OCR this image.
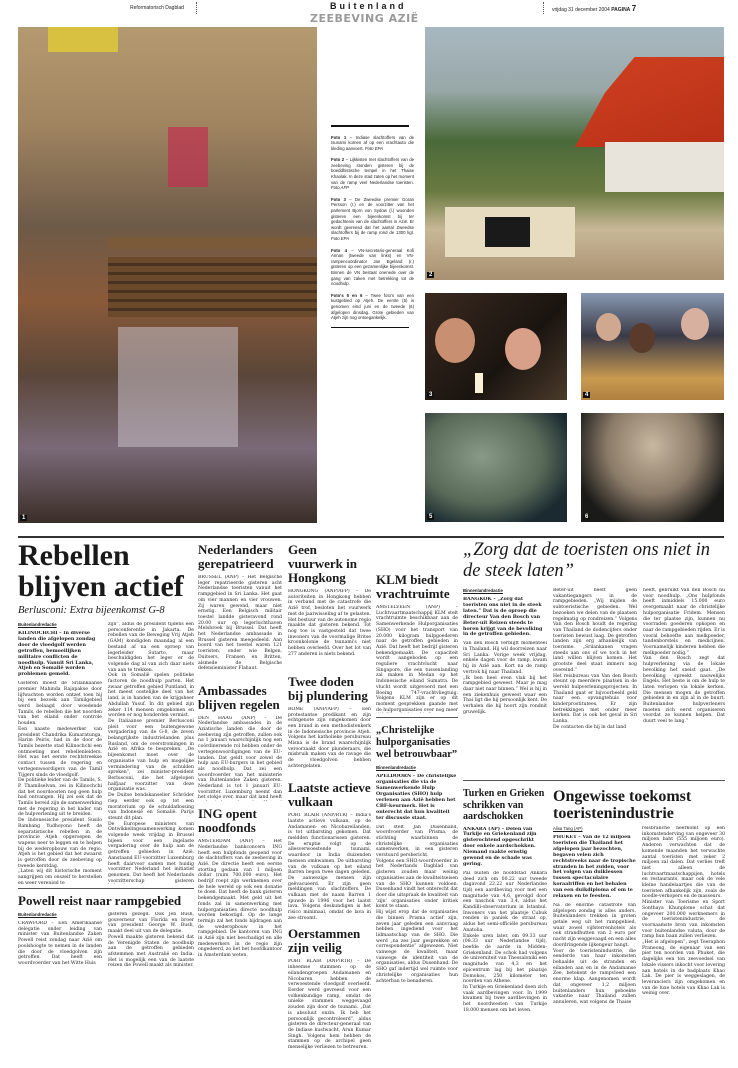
Reformatorisch Dagblad	Buitenland	vrijdag 31 december 2004 PAGINA 7
ZEEBEVING AZIË
1
2
3	4
5	6

Foto 1 – Indiase slachtoffers van de tsunami komen af op een vrachtauto die kleding aanvoert. Foto EPA

Foto 2 – Lijkkisten met slachtoffers van de zeebeving stonden gisteren bij de boeddhistische tempel in het Thaise Khaolak. In deze stad zaten op het moment van de ramp veel Nederlandse toeristen. Foto AFP

Foto 3 – De Zweedse premier Goran Persson (r.) en de voorzitter van het parlement Bjorn von Sydow (l.) woonden gisteren een bijeenkomst bij ter gedachtenis van de slachtoffers in Azië. Er wordt gevreesd dat het aantal Zweedse slachtoffers bij de ramp rond de 1300 ligt. Foto EPA

Foto 4 – VN-secretaris-generaal Kofi Annan (tweede van links) en VN-rampencoördinator Jan Egeland (r.) gisteren op een gezamenlijke bijeenkomst. Binnen de VN bestaat onenede over de gang van zaken met betrekking tot de noodhulp.

Foto's 5 en 6 – Twee foto's van een kustgebied op Atjeh. De eerste (5) is genomen eind juni en de tweede (6) afgelopen dinsdag. Grote gebieden van Atjeh zijn nog ontoegankelijk.

Rebellen blijven actief
Berlusconi: Extra bijeenkomst G-8
Buitenlandredactie
KILINOCHCHI – In diverse landen die afgelopen zondag door de vloedgolf werden getroffen, bemoeilijken militaire conflicten de noodhulp. Vanuit Sri Lanka, Atjeh en Somalië worden problemen gemeld.
Gisteren moest de Srilankaanse premier Mahinda Rajapakse door lijfwachten worden ontzet toen hij bij een bezoek aan Tamilgebied werd belaagd door woedende Tamils, de rebellen die het noorden van het eiland onder controle houden.
Een naaste medewerker van president Chandrika Kumaratunga, Harim Peiris, had in de door de Tamils bezette stad Kilinochchi een ontmoeting met rebellenleiders. Het was het eerste rechtstreekse contact tussen de regering en vertegenwoordigers van de Tamil Tijgers sinds de vloedgolf.
De politieke leider van de Tamils, S. P. Thamilselvan, zei in Kilinochchi dat het noordoosten nog geen hulp had ontvangen. Hij zei ook dat de Tamils bereid zijn de samenwerking met de regering in het kader van de hulpverlening uit te breiden.
De Indonesische president Susilo Bambang Yudhoyono heeft de separatistische rebellen in de provincie Atjeh opgeroepen de wapens neer te leggen en te helpen bij de wederopbouw van de regio. Atjeh is het gebied dat het zwaarst is getroffen door de zeebeving op tweede kerstdag.
„Laten wij dit historische moment aangrijpen om onszelf te herstellen en weer verenigd te
zijn”, aldus de president tijdens een persconferentie in Jakarta. De rebellen van de Beweging Vrij Atjeh (GAM) kondigden maandag al een bestand af na een oproep van legerleider Sutarto, maar beschuldigden het leger er de volgende dag al van zich daar niets van aan te trekken.
Ook in Somalië spelen politieke factoren de noodhulp parten. Het zwaar getroffen gebied Puntland, in het meest oostelijke deel van het land, is in handen van de krijgsheer Abdullah Yusuf. In dit gebied zijn zeker 114 mensen omgekomen en worden er nog honderden vermist.
De Italiaanse premier Berlusconi pleit voor een buitengewone vergadering van de G-8, de zeven belangrijkste industrielanden plus Rusland, om de overstromingen in Azië en Afrika te bespreken. „De bijeenkomst moet over de organisatie van hulp en mogelijke vermindering van de schulden spreken”, zei minister-president Berlusconi, die het afgelopen halfjaar voorzitter van deze organisatie was.
De Duitse bondskanselier Schröder riep eerder ook op tot een moratorium op de schuldaflossing van Indonesië en Somalië. Parijs steunt dit plan.
De Europese ministers van Ontwikkelingssamenwerking komen volgende week vrijdag in Brussel bijeen voor een ingelaste vergadering over de hulp aan de getroffen gebieden in Azië. Aanstaand EU-voorzitter Luxemburg heeft daarvoor samen met huidig voorzitter Nederland het initiatief genomen. Dat heeft het Nederlands voorzitterschap gisteren
Powell reist naar rampgebied
Buitenlandredactie
CRAWFORD – Een Amerikaanse delegatie onder leiding van minister van Buitenlandse Zaken Powell reist zondag naar Azië om poolshoogte te nemen in de landen die door de vloedgolven zijn getroffen. Dat heeft een woordvoerder van het Witte Huis
gisteren gezegd. Ook Jeb Bush, gouverneur van Florida en broer van president George W. Bush, maakt deel uit van de delegatie.
Powell maakte gisteren bekend dat de Verenigde Staten de noodhulp aan de getroffen gebieden afstemmen met Australië en India. Het is mogelijk een van de laatste reizen die Powell maakt als minister.
Nederlanders gerepatrieerd
BRUSSEL (ANP) – Het Belgische leger repatrieerde gisteren acht Nederlandse toeristen vanuit het rampgebied in Sri Lanka. Het gaat om vier mannen en vier vrouwen. Zij waren gewond, maar niet ernstig. Een Belgisch militair toestel landde gisteravond rond 20.00 uur op legerluchthaven Melsbroek bij Brussel. Dat heeft het Nederlandse ambassade in Brussel gisteren meegedeeld. Aan boord van het toestel waren 121 toeristen, onder wie Belgen, Duitsers, Fransen en Britten, alsmede de Belgische defensieminister Flahaut.
Ambassades blijven regelen
DEN HAAG (ANP) – De Nederlandse ambassades in de Aziatische landen die door de zeebeving zijn getroffen, zullen ook na 1 januari waarschijnlijk nog een coördinerende rol hebben onder de vertegenwoordigingen van de EU-landen. Dat geldt voor zowel de hulp aan EU-burgers in het gebied als noodhulp. Dat zei een woordvoerder van het ministerie van Buitenlandse Zaken gisteren. Nederland is tot 1 januari EU-voorzitter. Luxemburg neemt dan het stokje over, maar dat land heeft
ING opent noodfonds
AMSTERDAM (ANP) – Het Nederlandse bankconcern ING heeft een hulpfonds geopend voor de slachtoffers van de zeebeving in Azië. De directie heeft een eerste storting gedaan van 1 miljoen dollar (ruim 700.000 euro). Het bedrijf roept zijn werknemen over de hele wereld op ook een donatie te doen. Dat heeft de bank gisteren bekendgemaakt. Met geld uit het fonds zal in samenwerking met hulporganisaties directe noodhulp worden bekostigd. Op de lange termijn zal het fonds bijdragen aan de wederopbouw in het rampgebied. De kantoren van ING in Azië zijn niet beschadigd en alle medewerkers in de regio zijn ongedeerd, zo liet het hoofdkantoor in Amsterdam weten.
Geen vuurwerk in Hongkong
HONGKONG (ANP/AFP) – De autoriteiten in Hongkong hebben in verband met de catastrofe die Azië trof, besloten het vuurwerk met de jaarwisseling af te gelasten. Het bestuur van de autonome regio maakte dat gisteren bekend. Tot nog toe is vastgesteld dat twee inwoners van de voormalige Britse kroonkolonie de tsunami's niet hebben overleefd. Over het lot van 277 anderen is niets bekend.
Twee doden bij plundering
ROME (ANP/AFP) – Een protestantse predikant en zijn echtgenote zijn omgekomen door een brand in een methodistenkerk in de Indonesische provincie Atjeh. Volgens het katholieke persbureau Misna is de brand waarschijnlijk veroorzaakt door plunderaars, die misbruik maken van de ravage die de vloedgolven hebben achtergelaten.
Laatste actieve vulkaan
PORT BLAIR (ANP/RTR) – India's laatste actieve vulkaan, op de Andamanen- en Nicobareilanden, is tot uitbarsting gekomen. Dat meldden functionarissen gisteren. De eruptie volgt op de allesverwoestende tsunami, waardoor in India duizenden mensen omkwamen. De uitbarsting van de vulkaan op het eiland Barren begon twee dagen geleden. De aanwezige mensen zijn geëvacueerd. Er zijn geen meldingen van slachtoffers. De vulkaan met de naam Barren 1 spuwde in 1996 voor het laatst lava. Volgens deskundigen is het risico minimaal, omdat de lava in zee stroomt.
Oerstammen zijn veilig
PORT BLAIR (ANP/RTR) – De inheemse stammen op de eilandengroepen Andamanen en Nicobaren hebben de verwoestende vloedgolf overleefd. Eerder werd gevreesd voor een volkenkundige ramp, omdat de unieke stammen weggevaagd zouden zijn door de tsunami. „Dat is absoluut onzin. Ik heb het persoonlijk gecontroleerd”, aldus gisteren de directeur-generaal van de Indiase kustwacht, Arun Kumar Singh. Volgens hem hebben de stammen op de archipel geen menselijke verliezen te betreuren.
KLM biedt vrachtruimte
AMSTELVEEN (ANP) – Luchtvaartmaatschappij KLM stelt vrachtruimte beschikbaar aan de Samenwerkende Hulporganisaties (SHO) voor het transport van 20.000 kilogram hulpgoederen naar de getroffen gebieden in Azië. Dat heeft het bedrijf gisteren bekendgemaakt. De capaciteit wordt aangeboden op een reguliere vrachtvlucht naar Singapore, die een tussenlanding zal maken in Medan op het Indonesische eiland Sumatra. De vlucht wordt uitgevoerd met een Boeing 747-vrachtvliegtuig. Volgens KLM zijn er op dit moment gesprekken gaande met de hulporganisaties over nog meer
„Christelijke hulporganisaties wel betrouwbaar”
Binnenlandredactie
APELDOORN – De christelijke organisaties die via de Samenwerkende Hulp Organisaties (SHO) hulp verlenen aan Azië hebben het CBF-keurmerk. Het is onterecht dat hun kwaliteit ter discussie staat.
Dat stelt Jan Dusenhand, woordvoerder van Prisma, de stichting waarbinnen de christelijke organisaties samenwerken, in een gisteren verstuurd persbericht.
Volgens een SHO-woordvoerder in het Nederlands Dagblad van gisteren zouden maar weinig organisaties aan de kwaliteitseisen van de SHO kunnen voldoen. Dusenhand vindt het onterecht dat door die uitspraak de kwaliteit van 'zijn' organisaties onder kritiek komt te staan.
Hij wijst erop dat de organisaties die binnen Prisma actief zijn, zeven jaar geleden een aanvraag hebben ingediend voor het lidmaatschap van de SHO. Die werd „na zes jaar gesprekken en correspondentie” afgewezen. Niet vanwege de kwaliteit, maar vanwege de identiteit van de organisaties, aldus Dusenhand. De SHO gaf indertijd wel ruimte voor christelijke organisaties hun achterban te benaderen.
„Zorg dat de toeristen ons niet in de steek laten”
Binnenlandredactie
BANGKOK – „Zorg dat toeristen ons niet in de steek laten.” Dat is de oproep die directeur Van den Bosch van Beter-uit Reizen steeds te horen krijgt van de bevolking in de getroffen gebieden.
Van den Bosch verblijft momenteel in Thailand. Hij wil doorreizen naar Sri Lanka. Vorige week vrijdag, enkele dagen voor de ramp, kwam hij in Azië aan. Kort na de ramp vertrok hij naar Thailand.
„Ik ben heel even vlak bij het rampgebied geweest. Maar je mag daar niet naar binnen.” Wel is hij in een ziekenhuis geweest waar een Thai ligt die hij persoonlijk kent. De verhalen die hij hoort zijn rondnit gruwelijk.
Beter-uit heeft geen vakantiegangers in de rampgebieden. „Wij mijden de subtoeristische gebieden. Wel bezoeken we delen van de plaatsen regelmatig op rondreizen.” Volgens Van den Bosch houdt de regering van Thailand de dodencijfers onder toeristen bewust laag. De getroffen landen zijn erg afhankelijk van toerisme. „Srilankanen vragen steeds aan ons of we toch in het land willen blijven komen. Het grootste deel staat immers nog overeind.”
Het reisbureau van Van den Bosch steunt op meerdere plaatsen in de wereld hulpverleningsprojecten. In Thailand gaat er bijvoorbeeld geld naar een opvangtehuis voor kinderprostitutees. Er zijn betrekkingen met onder meer kerken. Dat is ook het geval in Sri Lanka.
De contacten die hij in dat land
heeft, gebruikt Van den Bosch nu voor noodhulp. „Ons hulpfonds heeft inmiddels 15.000 euro overgemaakt naar de christelijke hulporganisatie Fridem. Mensen die ter plaatse zijn, kunnen nu voorraden goederen opkopen en naar de rampgebieden rijden. Er is vooral behoefte aan melkpoeder, tandenborstels en medicijnen. Voornamelijk kinderen hebben die melkpoeder nodig.”
Van den Bosch zegt dat hulpverlening via de lokale bevolking het snelst gaat. „De bevolking spreekt nauwelijks Engels. Het beste is om de hulp te laten verlopen via lokale kerken. Die mensen mogen de getroffen gebieden in en zijn al in de buurt. Buitenlandse hulpverleners moeten zich eerst organiseren voordat ze kunnen helpen. Dat duurt veel te lang.”
Turken en Grieken schrikken van aardschokken
ANKARA (AP) – Delen van Turkije en Griekenland zijn gisterochtend opgeschrikt door enkele aardschokken. Niemand raakte ernstig gewond en de schade was gering.
Pal buiten de hoofdstad Ankara deed zich om 00.22 uur tweede dagavond 22.22 uur Nederlandse tijd) een aardbeving voor met een magnitude van 4,6, gevolgd door een naschok van 3,4, aldus het Kandilli-observatorium in Istanbul. Inwoners van het plaatsje Cubuk renden in paniek de straat op, aldus het semi-officiële persbureau Anatolia.
Enkele uren later, om 09.33 uur (08.33 uur Nederlandse tijd), beefde de aarde in Midden-Griekenland. De schok had volgens de universiteit van Thessaloniki een magnitude van 4,3 en het epicentrum lag bij het plaatsje Domokos, 250 kilometer ten noorden van Athene.
In Turkije en Griekenland doen zich vaak aardbevingen voor. In 1999 kwamen bij twee aardbevingen in het noordwesten van Turkije 18.000 mensen om het leven.
Ongewisse toekomst toeristenindustrie
Alisa Tang (AP)
PHUKET – Van de 12 miljoen toeristen die Thailand het afgelopen jaar bezochten, begaven velen zich rechtstreeks naar de tropische stranden in het zuiden, voor het volgen van duiklessen tussen spectaculaire koraalriffen en het behalen van een duikdiploma of om te relaxen en te feesten.
Na de enorme catastrofe van afgelopen zondag is alles anders. Buitenlanders trekken in groten getale weg uit het rampgebied, waar zowel vijfsterrenhotels als ook strandhutten van 2 euro per nacht zijn weggevaagd en een alles doordringende lijkengeur hangt.
Voor de toeristenindustrie, die eenderde van haar inkomsten behaalde uit de stranden en eilanden aan en in de Andamanse Zee, betekent de rampvloed een enorme klap. Aangenomen wordt dat ongeveer 1,2 miljoen buitenlanders hun geboekte vakantie naar Thailand zullen annuleren, wat volgens de Thaise
reisbranche neerkomt op een inkomstenderving van ongeveer 30 miljoen baht (555 miljoen euro). Anderen verwachten dat de komende maanden het verwachte aantal toeristen met zeker 2 miljoen zal dalen. Dat verlies treft niet alleen de luchtvaartmaatschappijen, hotels en restaurants, maar ook de vele kleine handelaartjes die van de toeristen afhankelijk zijn, zoals de noodle-verkopers en de masseurs.
Minister van Toerisme en Sport Sonthaya Khunplome schat dat ongeveer 200.000 werknemers in de toeristenindustrie, de voornaamste bron van inkomsten voor buitenlandse valuta, door de ramp hun baan zullen verliezen.
„Het is afgelopen”, zegt Teeraphon Praneong, de eigenaar van een pier ten noorden van Phuket, die dagelijks een ton zeevoedsel van lokale vissers inkocht voor levering aan hotels in de badplaats Khao Lak. De pier is weggeslagen, de leveranciers zijn omgekomen en van de luxe hotels van Khao Lak is weinig over.
